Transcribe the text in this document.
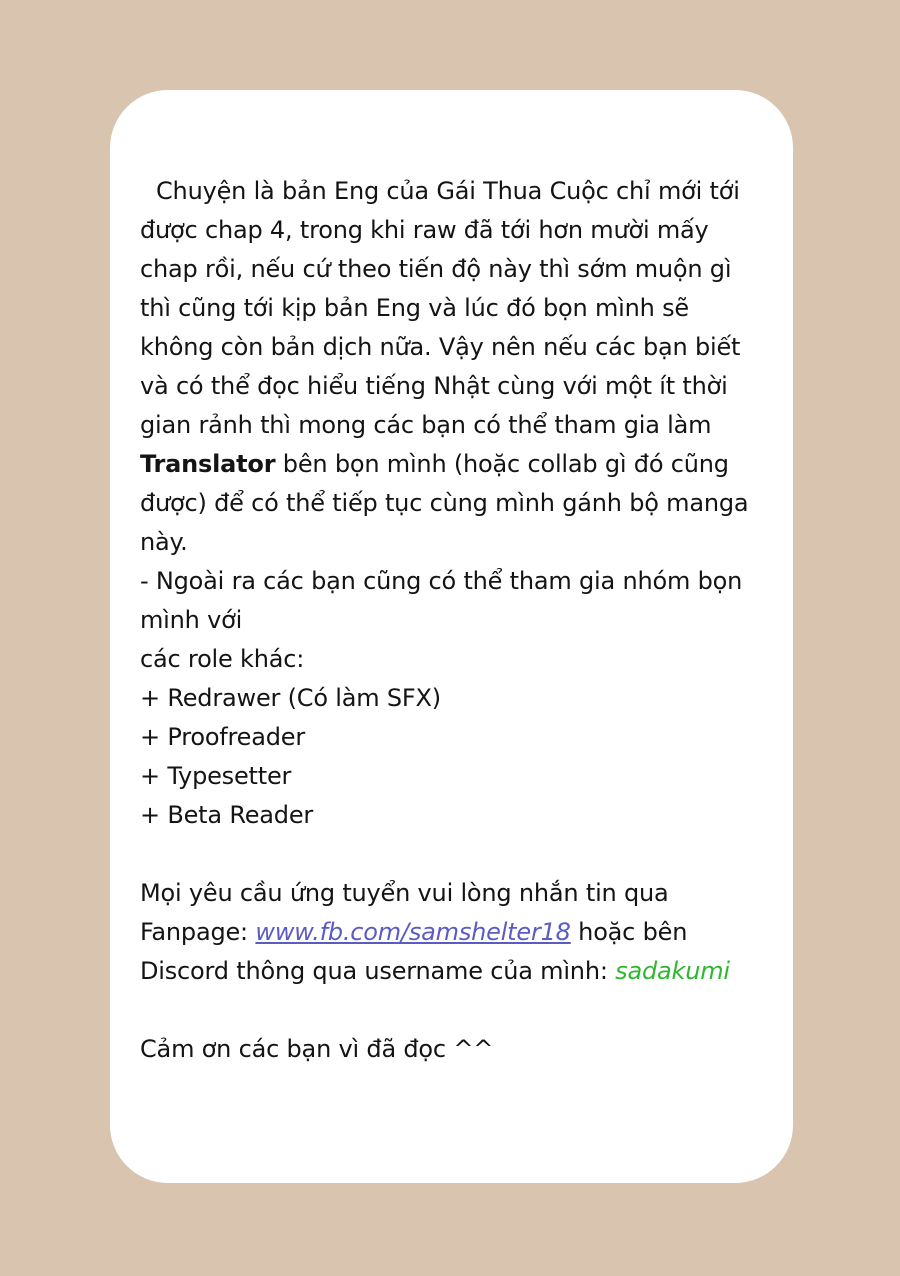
Chuyện là bản Eng của Gái Thua Cuộc chỉ mới tới được chap 4, trong khi raw đã tới hơn mười mấy chap rồi, nếu cứ theo tiến độ này thì sớm muộn gì thì cũng tới kịp bản Eng và lúc đó bọn mình sẽ không còn bản dịch nữa. Vậy nên nếu các bạn biết và có thể đọc hiểu tiếng Nhật cùng với một ít thời gian rảnh thì mong các bạn có thể tham gia làm Translator bên bọn mình (hoặc collab gì đó cũng được) để có thể tiếp tục cùng mình gánh bộ manga này.

- Ngoài ra các bạn cũng có thể tham gia nhóm bọn mình với

các role khác:

+ Redrawer (Có làm SFX)
+ Proofreader
+ Typesetter
+ Beta Reader

Mọi yêu cầu ứng tuyển vui lòng nhắn tin qua Fanpage: www.fb.com/samshelter18 hoặc bên Discord thông qua username của mình: sadakumi

Cảm ơn các bạn vì đã đọc ^^
